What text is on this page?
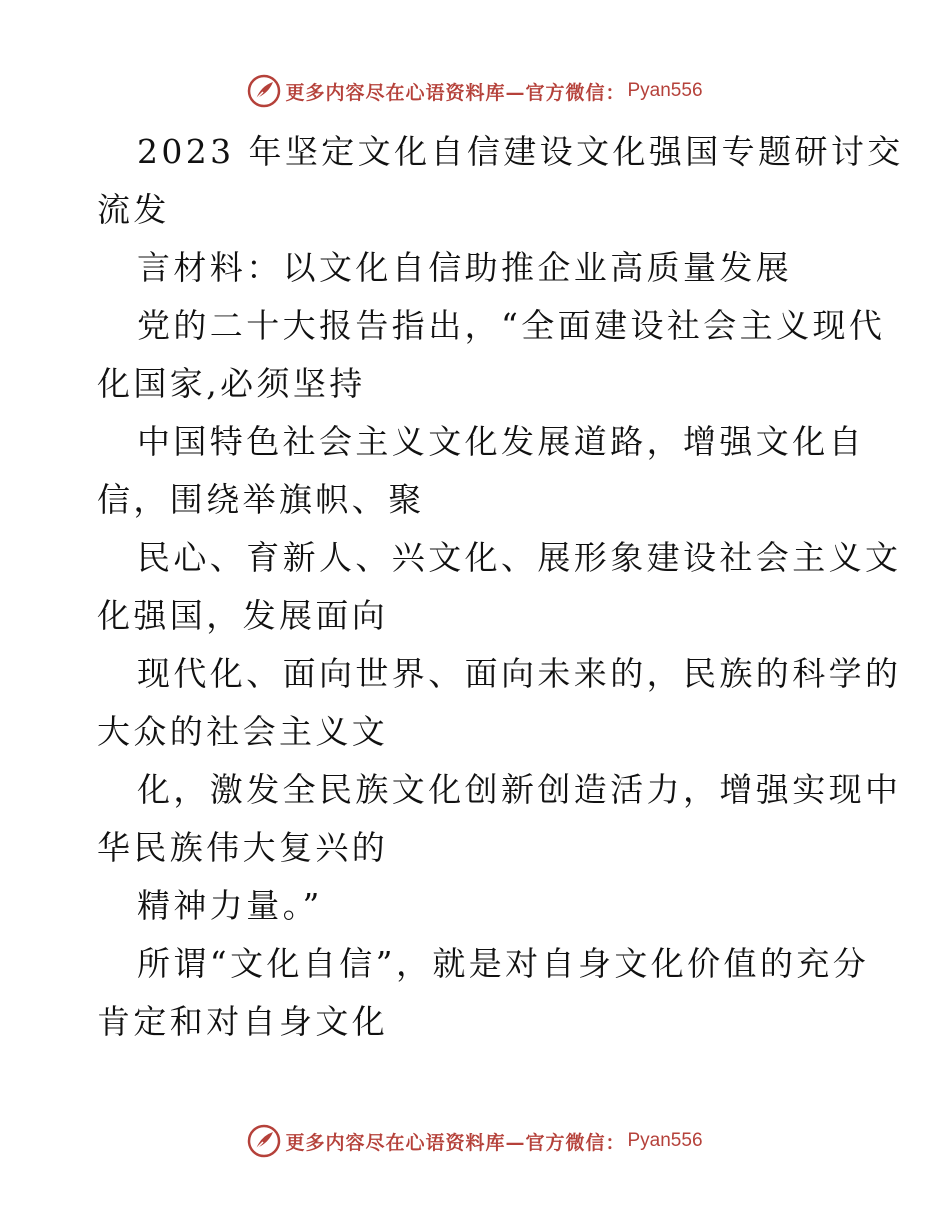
更多内容尽在心语资料库—官方微信： Pyan556

2023 年坚定文化自信建设文化强国专题研讨交

流发

言材料：以文化自信助推企业高质量发展

党的二十大报告指出，“全面建设社会主义现代

化国家,必须坚持

中国特色社会主义文化发展道路，增强文化自

信，围绕举旗帜、聚

民心、育新人、兴文化、展形象建设社会主义文

化强国，发展面向

现代化、面向世界、面向未来的，民族的科学的

大众的社会主义文

化，激发全民族文化创新创造活力，增强实现中

华民族伟大复兴的

精神力量。”

所谓“文化自信”，就是对自身文化价值的充分

肯定和对自身文化

更多内容尽在心语资料库—官方微信： Pyan556
